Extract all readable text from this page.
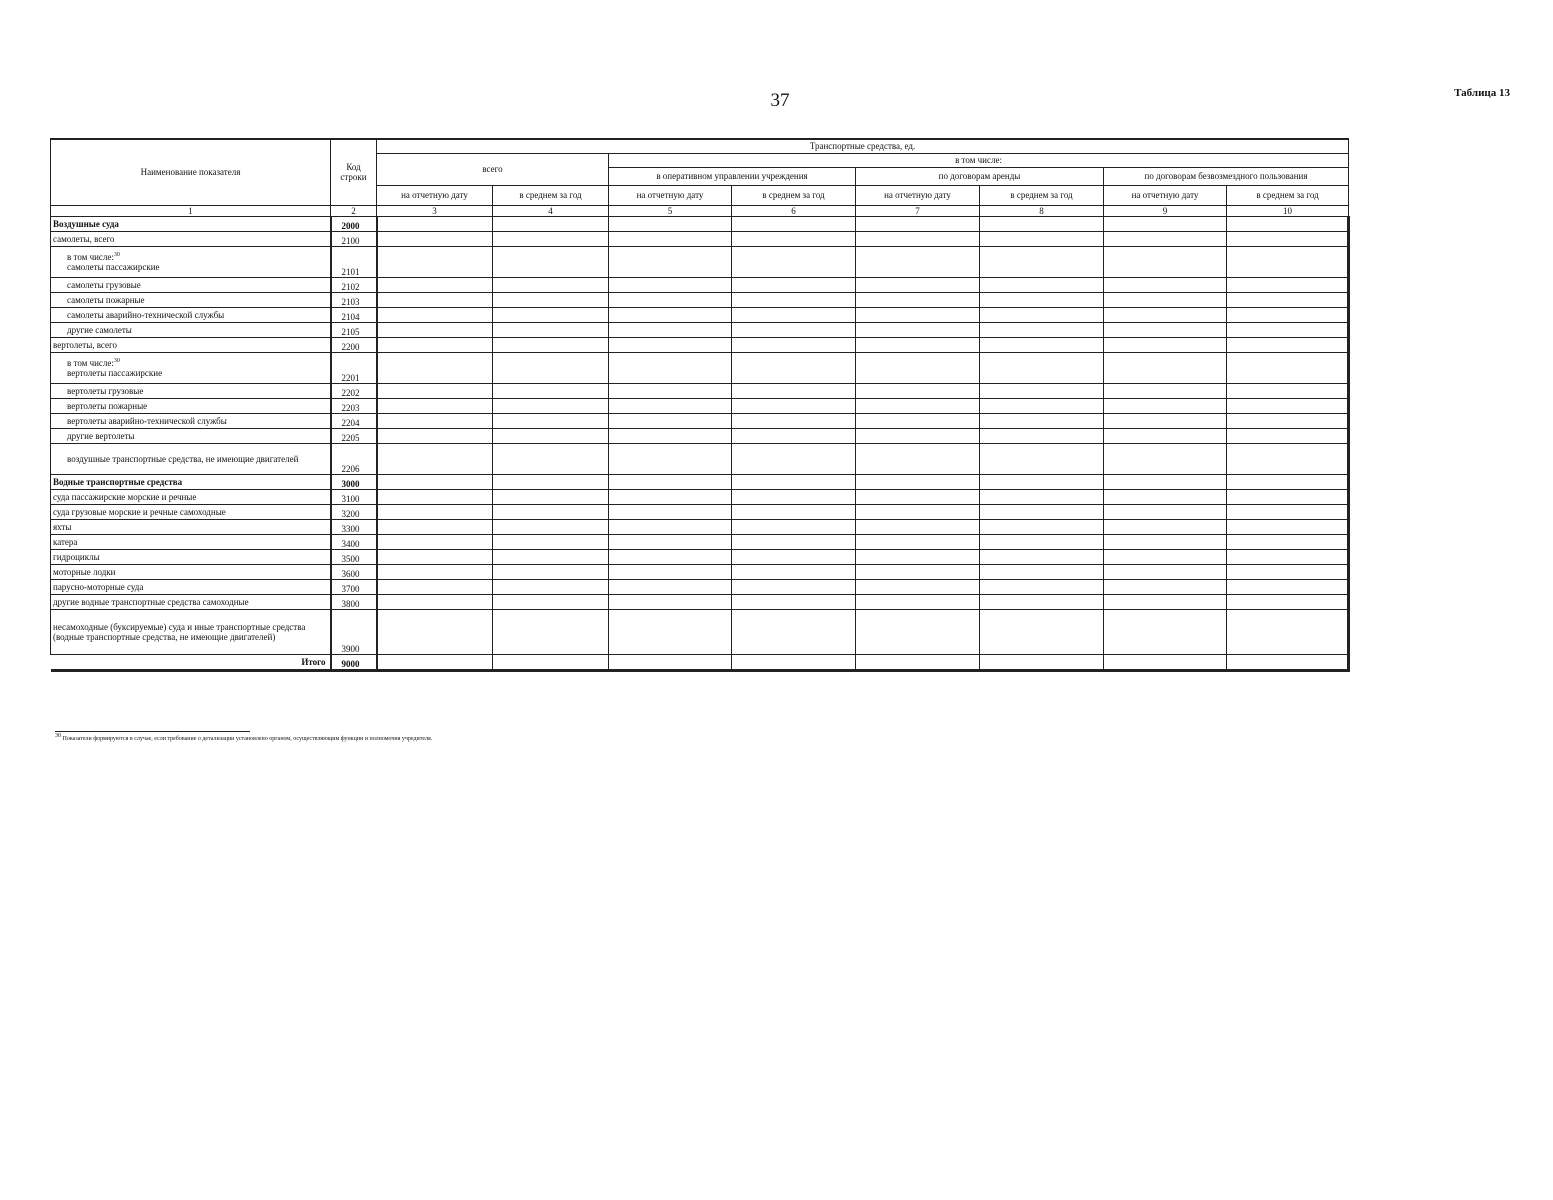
37	Таблица 13
Наименование показателя	Код строки	Транспортные средства, ед.							
		всего		в том числе:					
				в оперативном управлении учреждения		по договорам аренды		по договорам безвозмездного пользования	
		на отчетную дату	в среднем за год	на отчетную дату	в среднем за год	на отчетную дату	в среднем за год	на отчетную дату	в среднем за год
1	2	3	4	5	6	7	8	9	10

Воздушные суда	2000								

самолеты, всего	2100								

в том числе:$^{30}$
самолеты пассажирские	2101								

самолеты грузовые	2102								

самолеты пожарные	2103								

самолеты аварийно-технической службы	2104								

другие самолеты	2105								

вертолеты, всего	2200								

в том числе:$^{30}$
вертолеты пассажирские	2201								

вертолеты грузовые	2202								

вертолеты пожарные	2203								

вертолеты аварийно-технической службы	2204								

другие вертолеты	2205								

воздушные транспортные средства, не имеющие двигателей	2206								

Водные транспортные средства	3000								

суда пассажирские морские и речные	3100								

суда грузовые морские и речные самоходные	3200								

яхты	3300								

катера	3400								

гидроциклы	3500								

моторные лодки	3600								

парусно-моторные суда	3700								

другие водные транспортные средства самоходные	3800								

несамоходные (буксируемые) суда и иные транспортные средства (водные транспортные средства, не имеющие двигателей)	3900								

Итого	9000								
30 Показатели формируются в случае, если требование о детализации установлено органом, осуществляющим функции и полномочия учредителя.
